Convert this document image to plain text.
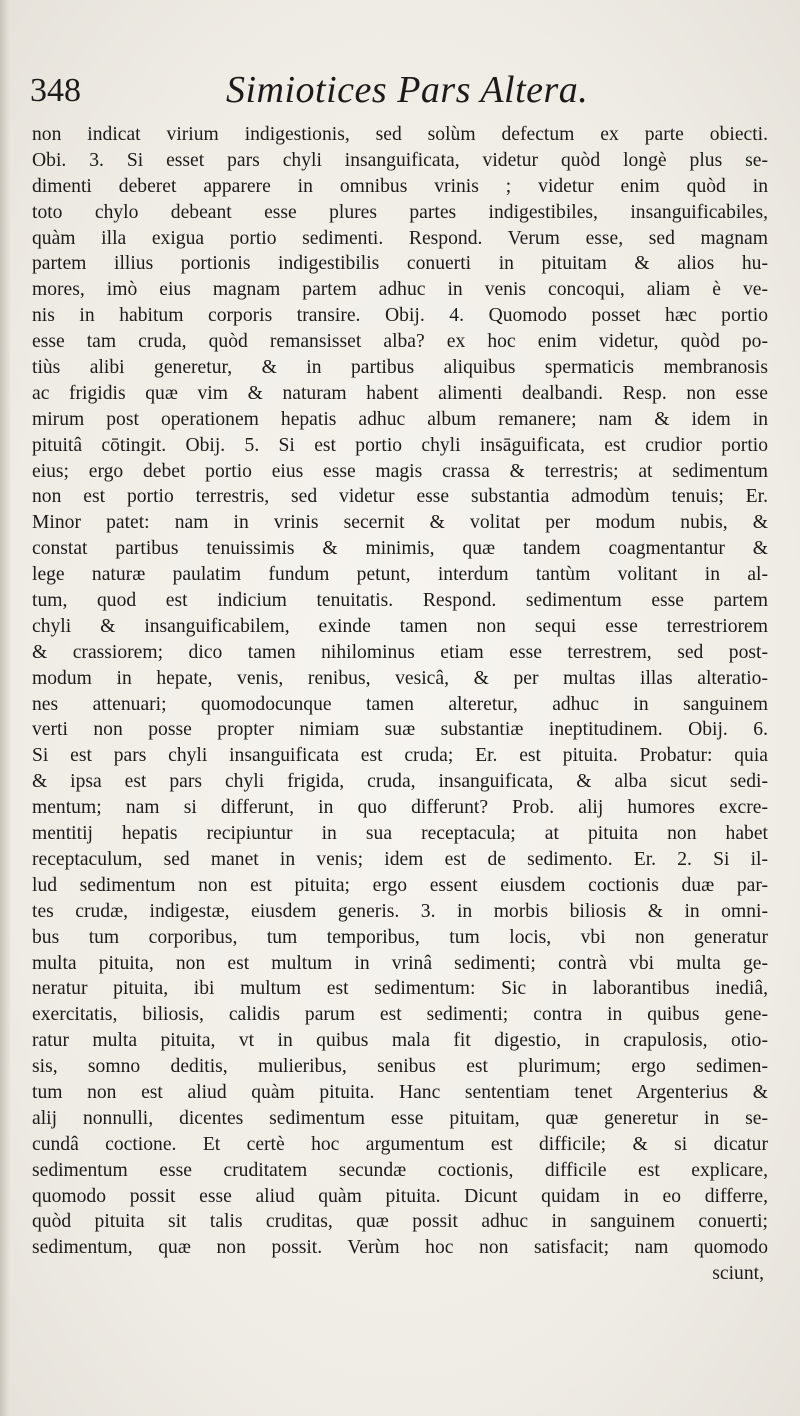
348	Simiotices Pars Altera.
non indicat virium indigestionis, sed solùm defectum ex parte obiecti.
Obi. 3. Si esset pars chyli insanguificata, videtur quòd longè plus se-
dimenti deberet apparere in omnibus vrinis ; videtur enim quòd in
toto chylo debeant esse plures partes indigestibiles, insanguificabiles,
quàm illa exigua portio sedimenti. Respond. Verum esse, sed magnam
partem illius portionis indigestibilis conuerti in pituitam & alios hu-
mores, imò eius magnam partem adhuc in venis concoqui, aliam è ve-
nis in habitum corporis transire. Obij. 4. Quomodo posset hæc portio
esse tam cruda, quòd remansisset alba? ex hoc enim videtur, quòd po-
tiùs alibi generetur, & in partibus aliquibus spermaticis membranosis
ac frigidis quæ vim & naturam habent alimenti dealbandi. Resp. non esse
mirum post operationem hepatis adhuc album remanere; nam & idem in
pituitâ cōtingit. Obij. 5. Si est portio chyli insāguificata, est crudior portio
eius; ergo debet portio eius esse magis crassa & terrestris; at sedimentum
non est portio terrestris, sed videtur esse substantia admodùm tenuis; Er.
Minor patet: nam in vrinis secernit & volitat per modum nubis, &
constat partibus tenuissimis & minimis, quæ tandem coagmentantur &
lege naturæ paulatim fundum petunt, interdum tantùm volitant in al-
tum, quod est indicium tenuitatis. Respond. sedimentum esse partem
chyli & insanguificabilem, exinde tamen non sequi esse terrestriorem
& crassiorem; dico tamen nihilominus etiam esse terrestrem, sed post-
modum in hepate, venis, renibus, vesicâ, & per multas illas alteratio-
nes attenuari; quomodocunque tamen alteretur, adhuc in sanguinem
verti non posse propter nimiam suæ substantiæ ineptitudinem. Obij. 6.
Si est pars chyli insanguificata est cruda; Er. est pituita. Probatur: quia
& ipsa est pars chyli frigida, cruda, insanguificata, & alba sicut sedi-
mentum; nam si differunt, in quo differunt? Prob. alij humores excre-
mentitij hepatis recipiuntur in sua receptacula; at pituita non habet
receptaculum, sed manet in venis; idem est de sedimento. Er. 2. Si il-
lud sedimentum non est pituita; ergo essent eiusdem coctionis duæ par-
tes crudæ, indigestæ, eiusdem generis. 3. in morbis biliosis & in omni-
bus tum corporibus, tum temporibus, tum locis, vbi non generatur
multa pituita, non est multum in vrinâ sedimenti; contrà vbi multa ge-
neratur pituita, ibi multum est sedimentum: Sic in laborantibus inediâ,
exercitatis, biliosis, calidis parum est sedimenti; contra in quibus gene-
ratur multa pituita, vt in quibus mala fit digestio, in crapulosis, otio-
sis, somno deditis, mulieribus, senibus est plurimum; ergo sedimen-
tum non est aliud quàm pituita. Hanc sententiam tenet Argenterius &
alij nonnulli, dicentes sedimentum esse pituitam, quæ generetur in se-
cundâ coctione. Et certè hoc argumentum est difficile; & si dicatur
sedimentum esse cruditatem secundæ coctionis, difficile est explicare,
quomodo possit esse aliud quàm pituita. Dicunt quidam in eo differre,
quòd pituita sit talis cruditas, quæ possit adhuc in sanguinem conuerti;
sedimentum, quæ non possit. Verùm hoc non satisfacit; nam quomodo
sciunt,
